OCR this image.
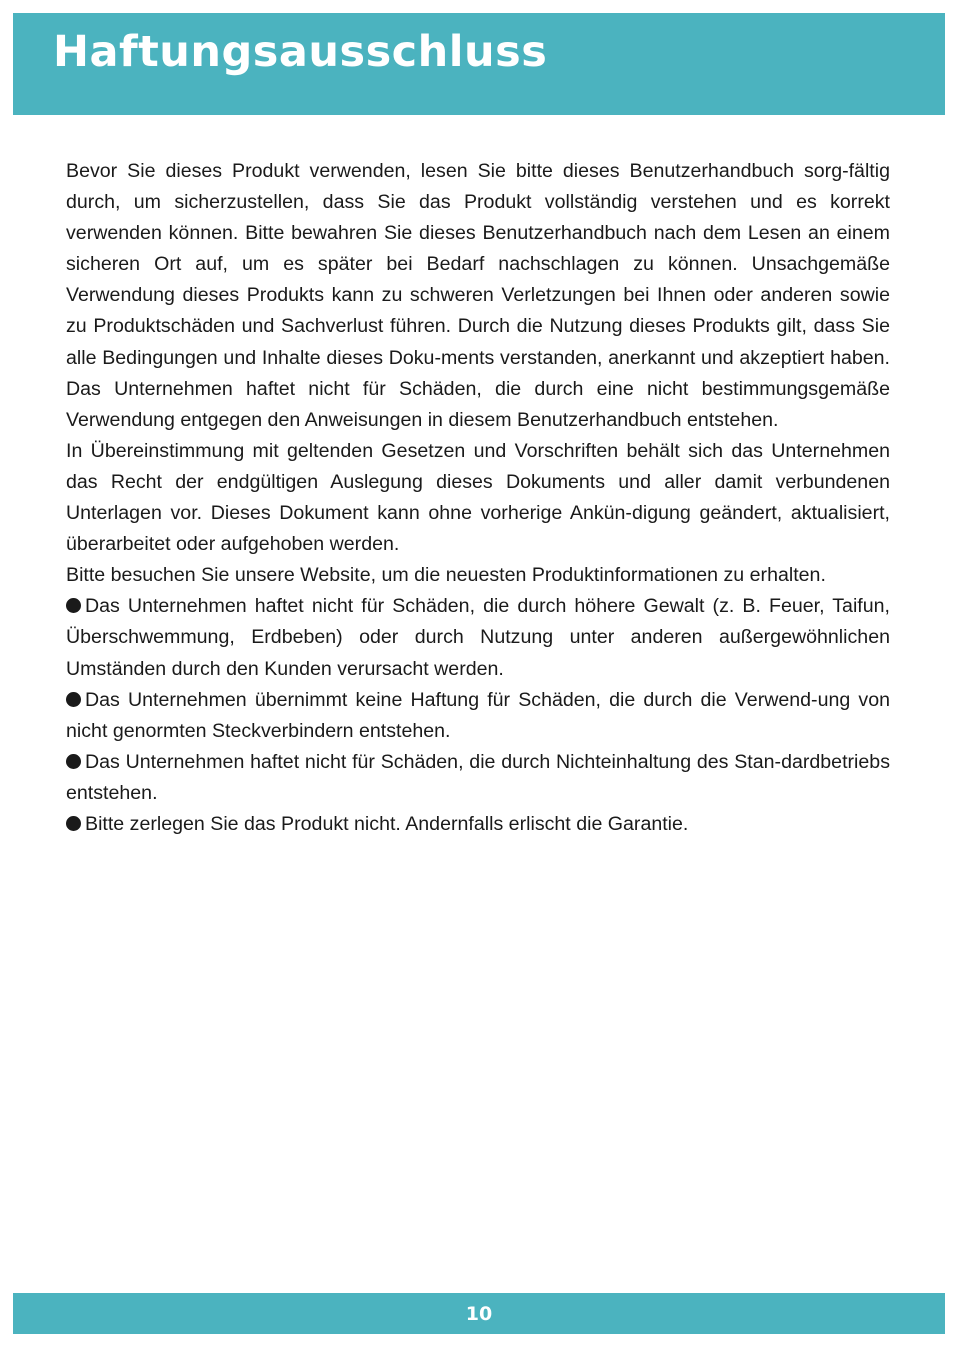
Haftungsausschluss

Bevor Sie dieses Produkt verwenden, lesen Sie bitte dieses Benutzerhandbuch sorg-fältig durch, um sicherzustellen, dass Sie das Produkt vollständig verstehen und es korrekt verwenden können. Bitte bewahren Sie dieses Benutzerhandbuch nach dem Lesen an einem sicheren Ort auf, um es später bei Bedarf nachschlagen zu können. Unsachgemäße Verwendung dieses Produkts kann zu schweren Verletzungen bei Ihnen oder anderen sowie zu Produktschäden und Sachverlust führen. Durch die Nutzung dieses Produkts gilt, dass Sie alle Bedingungen und Inhalte dieses Doku-ments verstanden, anerkannt und akzeptiert haben. Das Unternehmen haftet nicht für Schäden, die durch eine nicht bestimmungsgemäße Verwendung entgegen den Anweisungen in diesem Benutzerhandbuch entstehen.

In Übereinstimmung mit geltenden Gesetzen und Vorschriften behält sich das Unternehmen das Recht der endgültigen Auslegung dieses Dokuments und aller damit verbundenen Unterlagen vor. Dieses Dokument kann ohne vorherige Ankün-digung geändert, aktualisiert, überarbeitet oder aufgehoben werden.

Bitte besuchen Sie unsere Website, um die neuesten Produktinformationen zu erhalten.

Das Unternehmen haftet nicht für Schäden, die durch höhere Gewalt (z. B. Feuer, Taifun, Überschwemmung, Erdbeben) oder durch Nutzung unter anderen außergewöhnlichen Umständen durch den Kunden verursacht werden.

Das Unternehmen übernimmt keine Haftung für Schäden, die durch die Verwend-ung von nicht genormten Steckverbindern entstehen.

Das Unternehmen haftet nicht für Schäden, die durch Nichteinhaltung des Stan-dardbetriebs entstehen.

Bitte zerlegen Sie das Produkt nicht. Andernfalls erlischt die Garantie.

10
